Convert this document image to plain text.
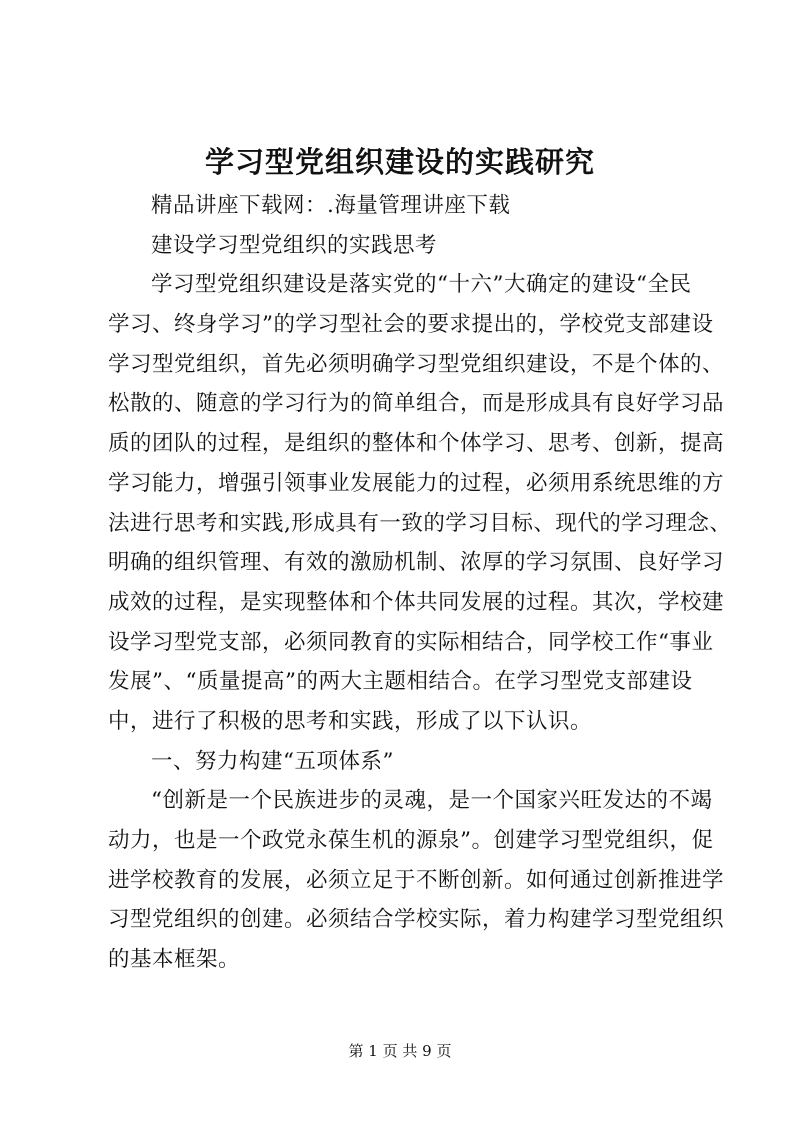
学习型党组织建设的实践研究
精品讲座下载网：.海量管理讲座下载
建设学习型党组织的实践思考
学习型党组织建设是落实党的“十六”大确定的建设“全民
学习、终身学习”的学习型社会的要求提出的，学校党支部建设
学习型党组织，首先必须明确学习型党组织建设，不是个体的、
松散的、随意的学习行为的简单组合，而是形成具有良好学习品
质的团队的过程，是组织的整体和个体学习、思考、创新，提高
学习能力，增强引领事业发展能力的过程，必须用系统思维的方
法进行思考和实践,形成具有一致的学习目标、现代的学习理念、
明确的组织管理、有效的激励机制、浓厚的学习氛围、良好学习
成效的过程，是实现整体和个体共同发展的过程。其次，学校建
设学习型党支部，必须同教育的实际相结合，同学校工作“事业
发展”、“质量提高”的两大主题相结合。在学习型党支部建设
中，进行了积极的思考和实践，形成了以下认识。
一、努力构建“五项体系”
“创新是一个民族进步的灵魂，是一个国家兴旺发达的不竭
动力，也是一个政党永葆生机的源泉”。创建学习型党组织，促
进学校教育的发展，必须立足于不断创新。如何通过创新推进学
习型党组织的创建。必须结合学校实际，着力构建学习型党组织
的基本框架。
第 1 页 共 9 页
